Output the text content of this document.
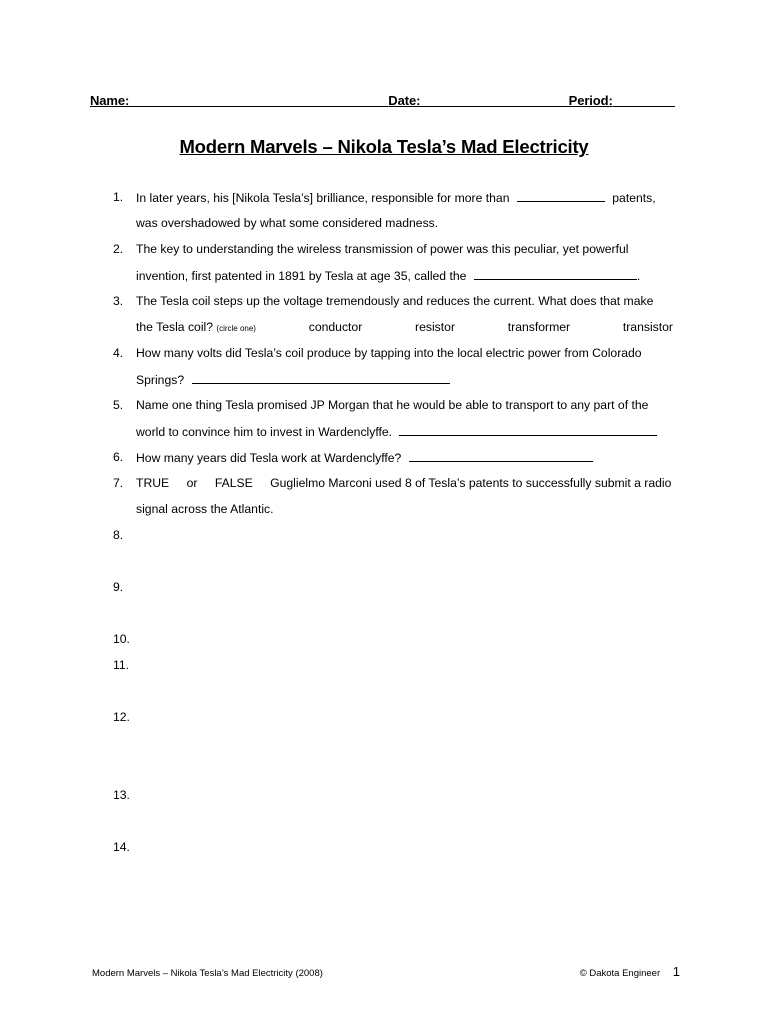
Name:	Date:	Period:
Modern Marvels – Nikola Tesla’s Mad Electricity
1.	In later years, his [Nikola Tesla’s] brilliance, responsible for more than	patents,
was overshadowed by what some considered madness.
2.	The key to understanding the wireless transmission of power was this peculiar, yet powerful
invention, first patented in 1891 by Tesla at age 35, called the	.
3.	The Tesla coil steps up the voltage tremendously and reduces the current. What does that make
the Tesla coil? (circle one)	conductor	resistor	transformer	transistor
4.	How many volts did Tesla’s coil produce by tapping into the local electric power from Colorado
Springs?
5.	Name one thing Tesla promised JP Morgan that he would be able to transport to any part of the
world to convince him to invest in Wardenclyffe.
6.	How many years did Tesla work at Wardenclyffe?
7.	TRUE or FALSE Guglielmo Marconi used 8 of Tesla’s patents to successfully submit a radio
signal across the Atlantic.
8.
9.
10.
11.
12.
13.
14.
Modern Marvels – Nikola Tesla’s Mad Electricity (2008)	© Dakota Engineer 1
